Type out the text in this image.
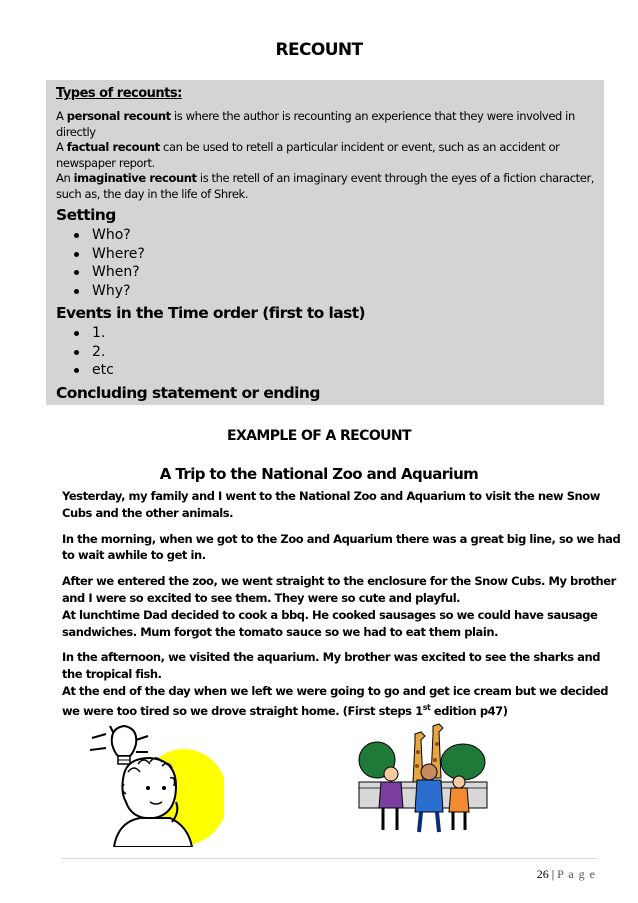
RECOUNT

Types of recounts:

A personal recount is where the author is recounting an experience that they were involved in directly

A factual recount can be used to retell a particular incident or event, such as an accident or newspaper report.

An imaginative recount is the retell of an imaginary event through the eyes of a fiction character, such as, the day in the life of Shrek.

Setting

Who?
Where?
When?
Why?

Events in the Time order (first to last)

1.
2.
etc

Concluding statement or ending

EXAMPLE OF A RECOUNT
A Trip to the National Zoo and Aquarium

Yesterday, my family and I went to the National Zoo and Aquarium to visit the new Snow Cubs and the other animals.

In the morning, when we got to the Zoo and Aquarium there was a great big line, so we had to wait awhile to get in.

After we entered the zoo, we went straight to the enclosure for the Snow Cubs. My brother and I were so excited to see them. They were so cute and playful.
At lunchtime Dad decided to cook a bbq. He cooked sausages so we could have sausage sandwiches. Mum forgot the tomato sauce so we had to eat them plain.

In the afternoon, we visited the aquarium. My brother was excited to see the sharks and the tropical fish.
At the end of the day when we left we were going to go and get ice cream but we decided we were too tired so we drove straight home. (First steps 1st edition p47)

26 | P a g e
